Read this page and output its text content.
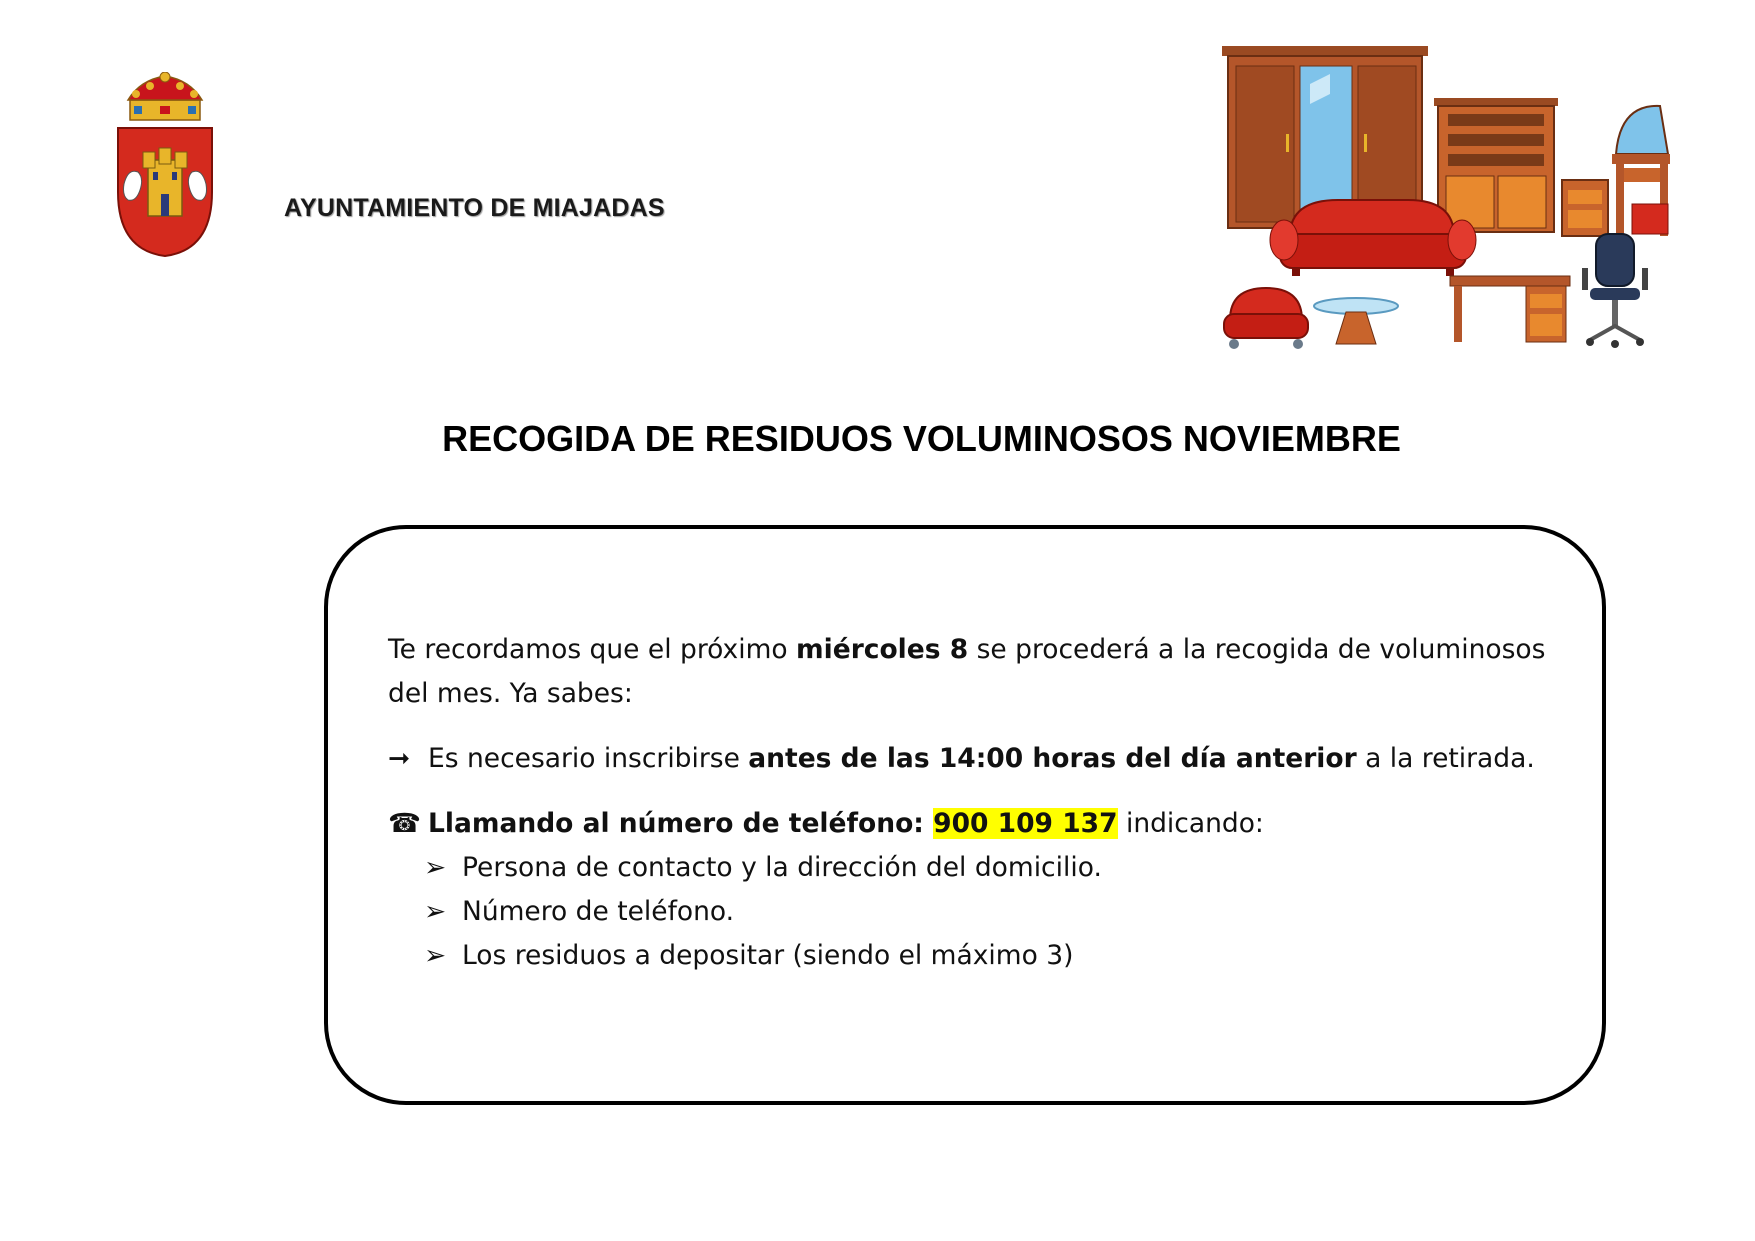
AYUNTAMIENTO DE MIAJADAS
RECOGIDA DE RESIDUOS VOLUMINOSOS NOVIEMBRE

Te recordamos que el próximo miércoles 8 se procederá a la recogida de voluminosos del mes. Ya sabes:

➞ Es necesario inscribirse antes de las 14:00 horas del día anterior a la retirada.

☎ Llamando al número de teléfono: 900 109 137 indicando:

➢ Persona de contacto y la dirección del domicilio.
➢ Número de teléfono.
➢ Los residuos a depositar (siendo el máximo 3)
